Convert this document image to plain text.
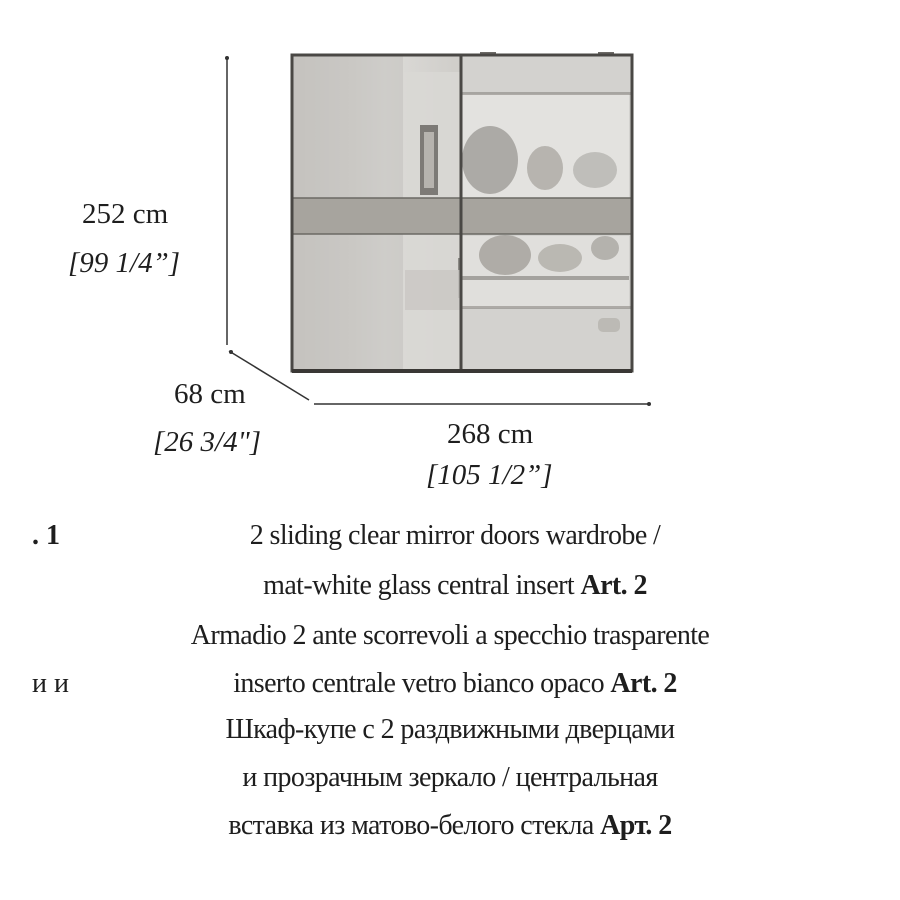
252 cm
[99 1/4”]
68 cm
[26 3/4"]	268 cm
[105 1/2”]
. 1
и и
2 sliding clear mirror doors wardrobe /
mat-white glass central insert Art. 2
Armadio 2 ante scorrevoli a specchio trasparente
inserto centrale vetro bianco opaco Art. 2
Шкаф-купе с 2 раздвижными дверцами
и прозрачным зеркало / центральная
вставка из матово-белого стекла Арт. 2
